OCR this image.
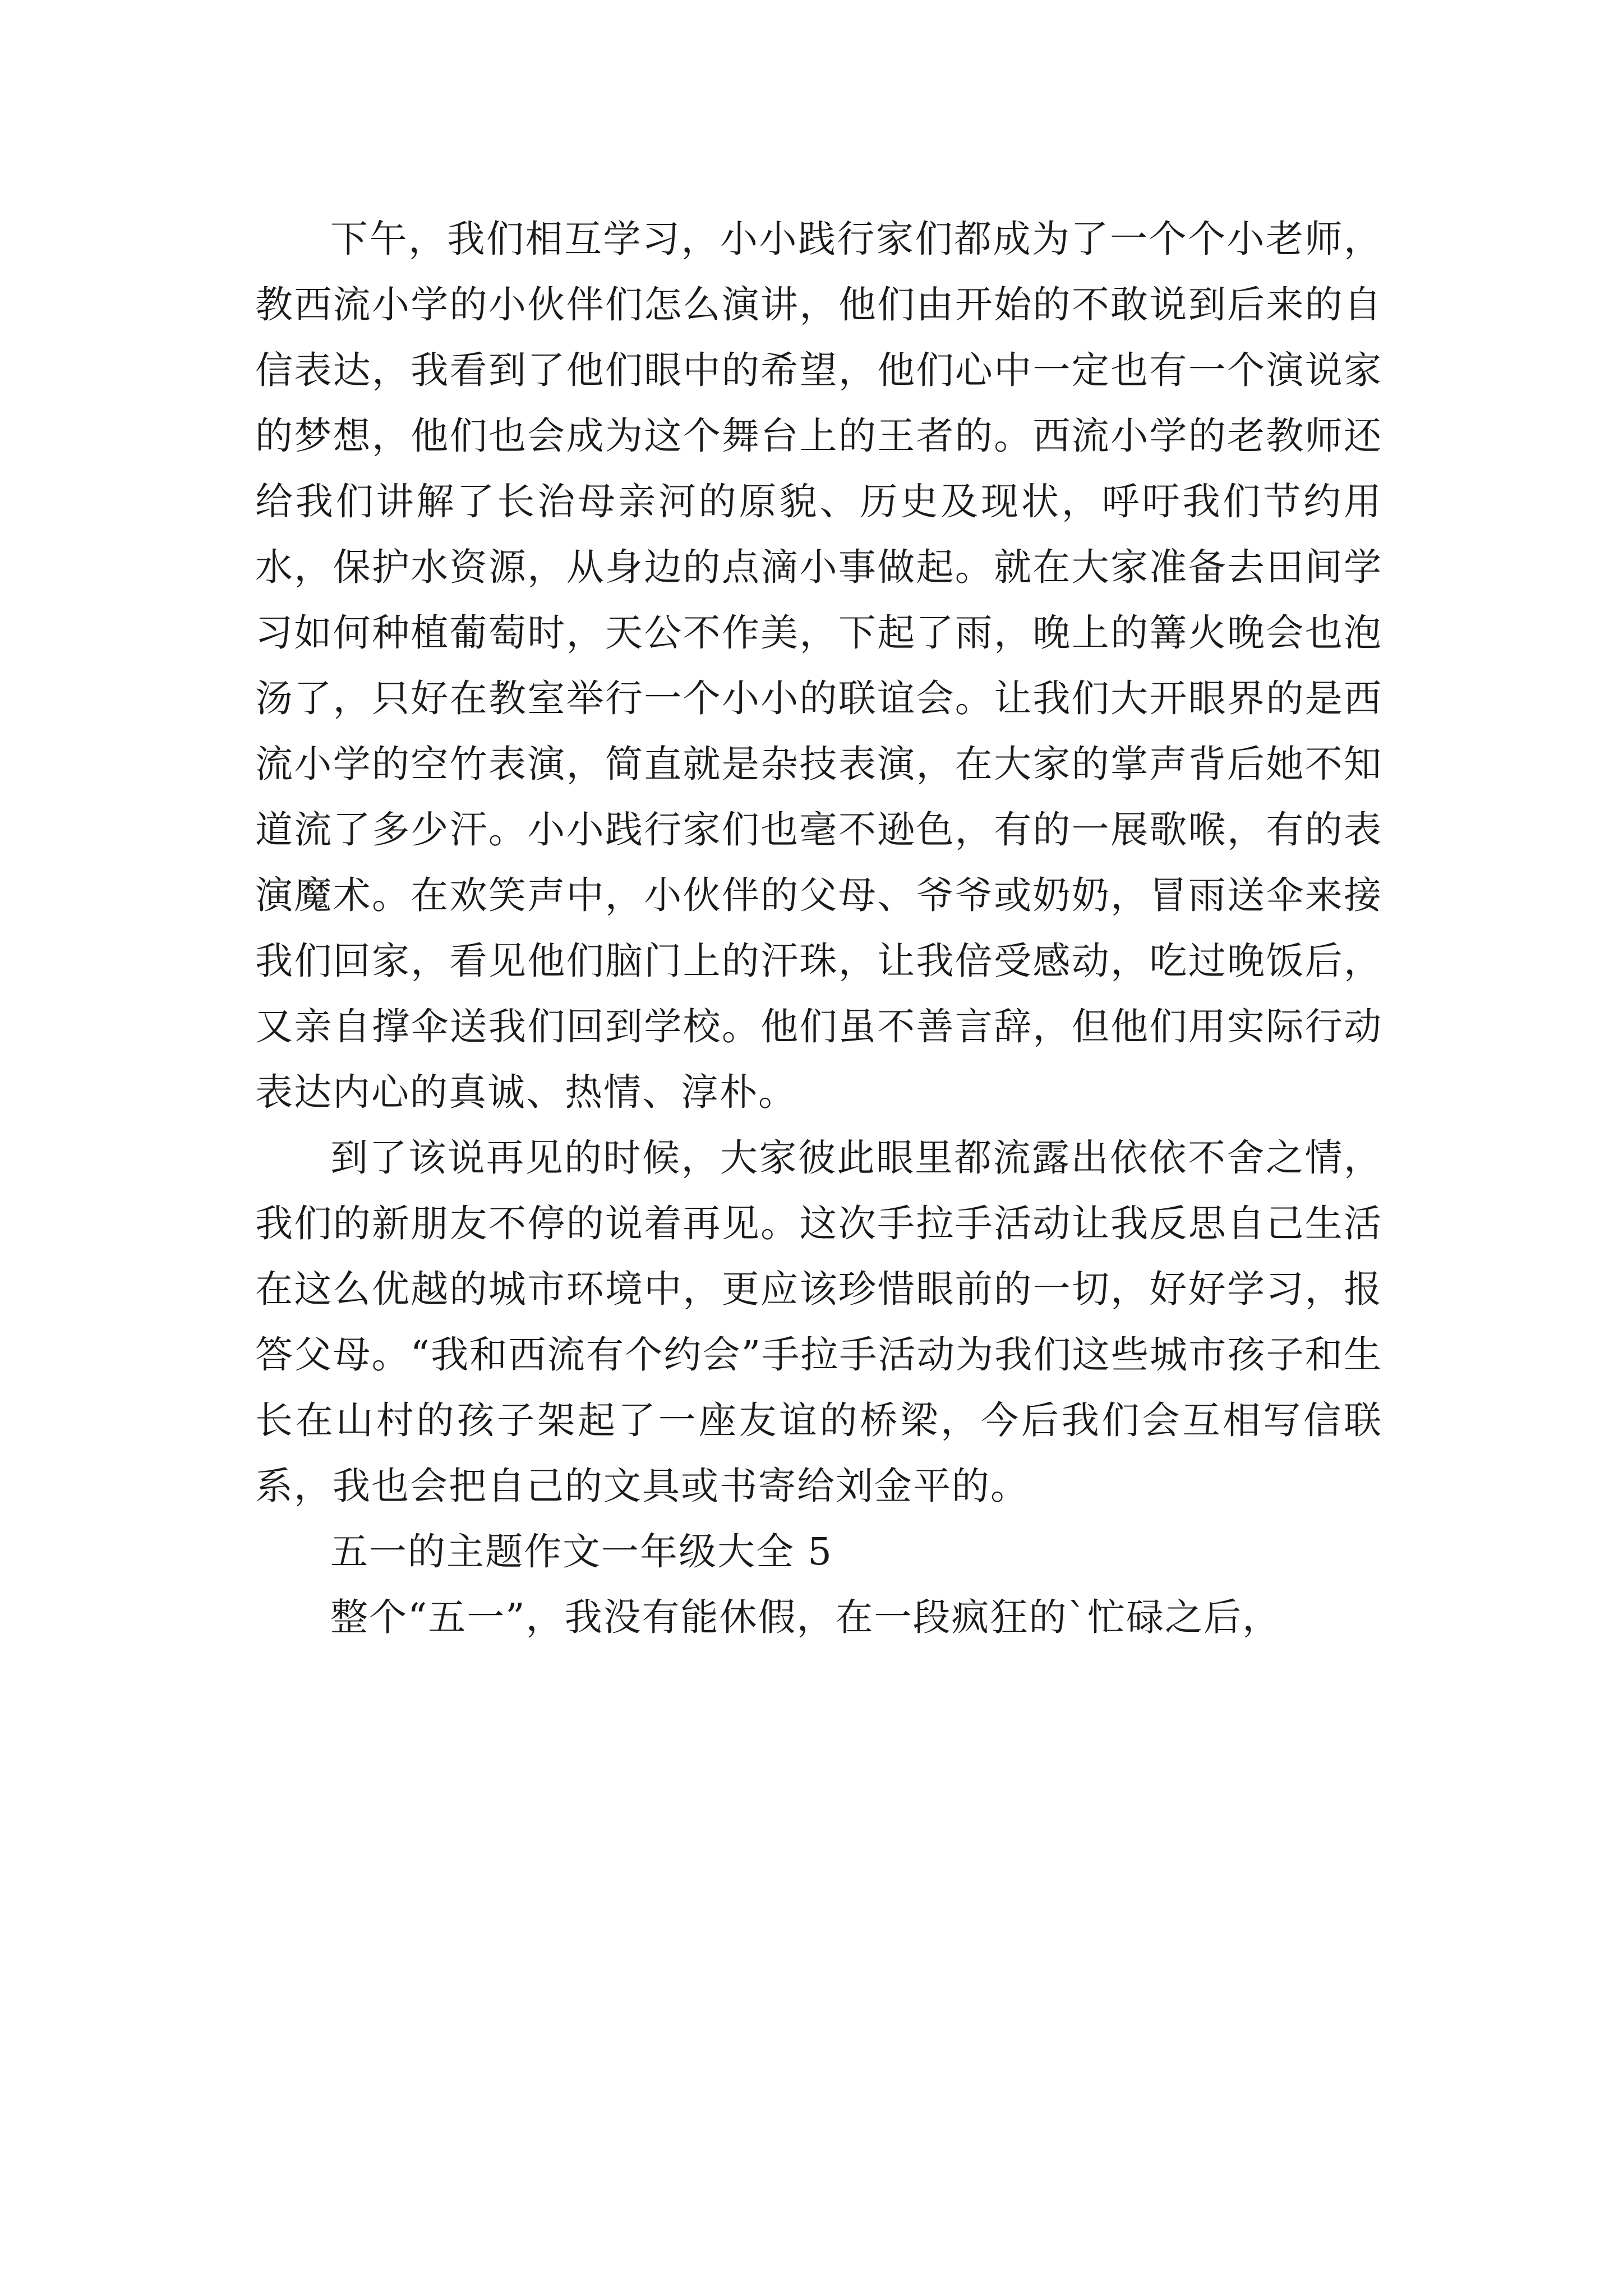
下午，我们相互学习，小小践行家们都成为了一个个小老师，教西流小学的小伙伴们怎么演讲，他们由开始的不敢说到后来的自信表达，我看到了他们眼中的希望，他们心中一定也有一个演说家的梦想，他们也会成为这个舞台上的王者的。西流小学的老教师还给我们讲解了长治母亲河的原貌、历史及现状，呼吁我们节约用水，保护水资源，从身边的点滴小事做起。就在大家准备去田间学习如何种植葡萄时，天公不作美，下起了雨，晚上的篝火晚会也泡汤了，只好在教室举行一个小小的联谊会。让我们大开眼界的是西流小学的空竹表演，简直就是杂技表演，在大家的掌声背后她不知道流了多少汗。小小践行家们也毫不逊色，有的一展歌喉，有的表演魔术。在欢笑声中，小伙伴的父母、爷爷或奶奶，冒雨送伞来接我们回家，看见他们脑门上的汗珠，让我倍受感动，吃过晚饭后，又亲自撑伞送我们回到学校。他们虽不善言辞，但他们用实际行动表达内心的真诚、热情、淳朴。

到了该说再见的时候，大家彼此眼里都流露出依依不舍之情，我们的新朋友不停的说着再见。这次手拉手活动让我反思自己生活在这么优越的城市环境中，更应该珍惜眼前的一切，好好学习，报答父母。“我和西流有个约会”手拉手活动为我们这些城市孩子和生长在山村的孩子架起了一座友谊的桥梁，今后我们会互相写信联系，我也会把自己的文具或书寄给刘金平的。

五一的主题作文一年级大全 5

整个“五一”，我没有能休假，在一段疯狂的`忙碌之后，
